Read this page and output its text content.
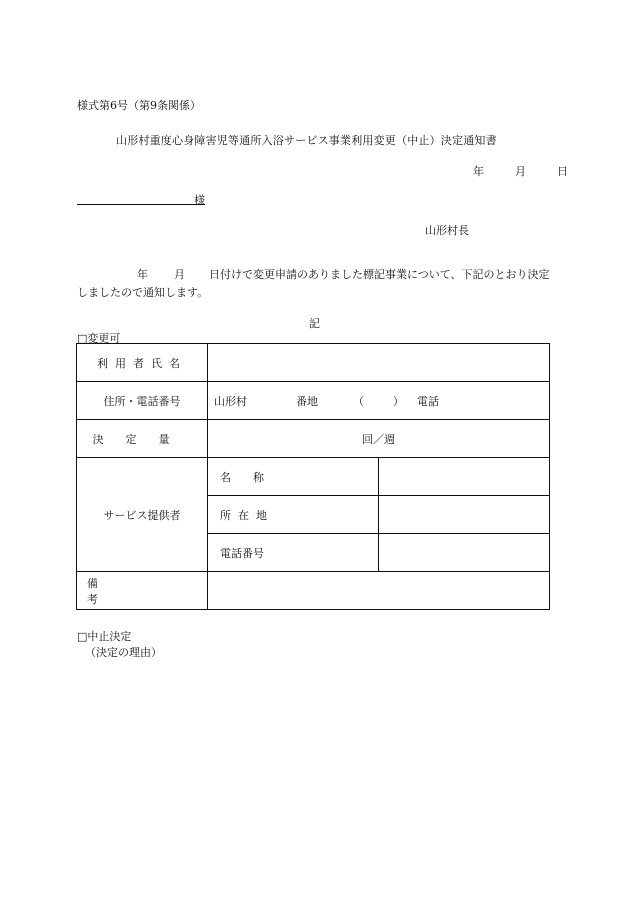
様式第6号（第9条関係）
山形村重度心身障害児等通所入浴サービス事業利用変更（中止）決定通知書
年	月	日
様
山形村長
年 月 日付けで変更申請のありました標記事業について、下記のとおり決定しましたので通知します。
記
□変更可
利用者氏名		
住所・電話番号	山形村 番地 （ ） 電話	
決定量	回／週	
サービス提供者	名称	
	所在地	
	電話番号	
備考		
□中止決定
（決定の理由）
